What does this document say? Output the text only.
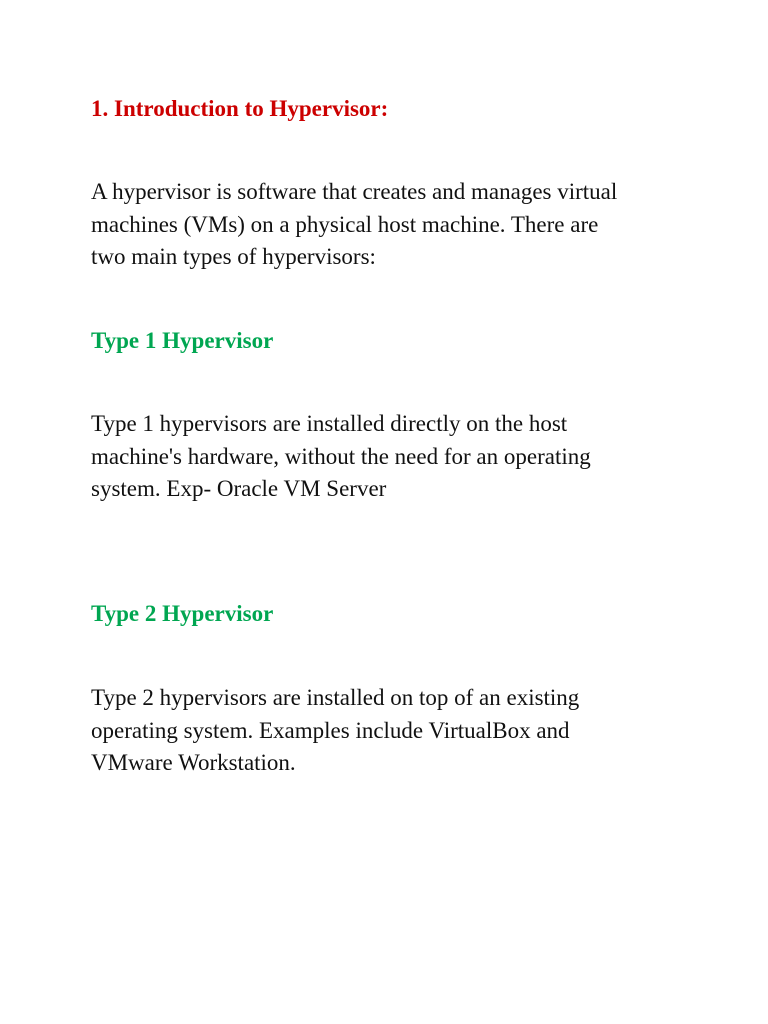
1. Introduction to Hypervisor:
A hypervisor is software that creates and manages virtual
machines (VMs) on a physical host machine. There are
two main types of hypervisors:
Type 1 Hypervisor
Type 1 hypervisors are installed directly on the host
machine's hardware, without the need for an operating
system. Exp- Oracle VM Server
Type 2 Hypervisor
Type 2 hypervisors are installed on top of an existing
operating system. Examples include VirtualBox and
VMware Workstation.
